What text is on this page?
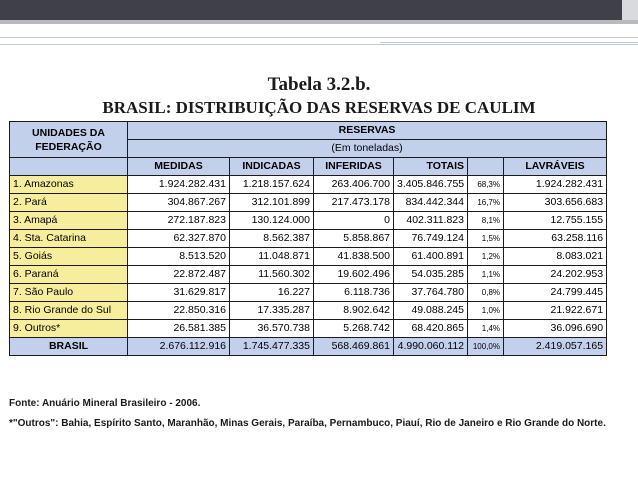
Tabela 3.2.b.
BRASIL: DISTRIBUIÇÃO DAS RESERVAS DE CAULIM
UNIDADES DA
FEDERAÇÃO	RESERVAS					
	(Em toneladas)					
	MEDIDAS	INDICADAS	INFERIDAS	TOTAIS		LAVRÁVEIS
1. Amazonas	1.924.282.431	1.218.157.624	263.406.700	3.405.846.755	68,3%	1.924.282.431
2. Pará	304.867.267	312.101.899	217.473.178	834.442.344	16,7%	303.656.683
3. Amapá	272.187.823	130.124.000	0	402.311.823	8,1%	12.755.155
4. Sta. Catarina	62.327.870	8.562.387	5.858.867	76.749.124	1,5%	63.258.116
5. Goiás	8.513.520	11.048.871	41.838.500	61.400.891	1,2%	8.083.021
6. Paraná	22.872.487	11.560.302	19.602.496	54.035.285	1,1%	24.202.953
7. São Paulo	31.629.817	16.227	6.118.736	37.764.780	0,8%	24.799.445
8. Rio Grande do Sul	22.850.316	17.335.287	8.902.642	49.088.245	1,0%	21.922.671
9. Outros*	26.581.385	36.570.738	5.268.742	68.420.865	1,4%	36.096.690
BRASIL	2.676.112.916	1.745.477.335	568.469.861	4.990.060.112	100,0%	2.419.057.165
Fonte: Anuário Mineral Brasileiro - 2006.
*"Outros": Bahia, Espírito Santo, Maranhão, Minas Gerais, Paraíba, Pernambuco, Piauí, Rio de Janeiro e Rio Grande do Norte.
